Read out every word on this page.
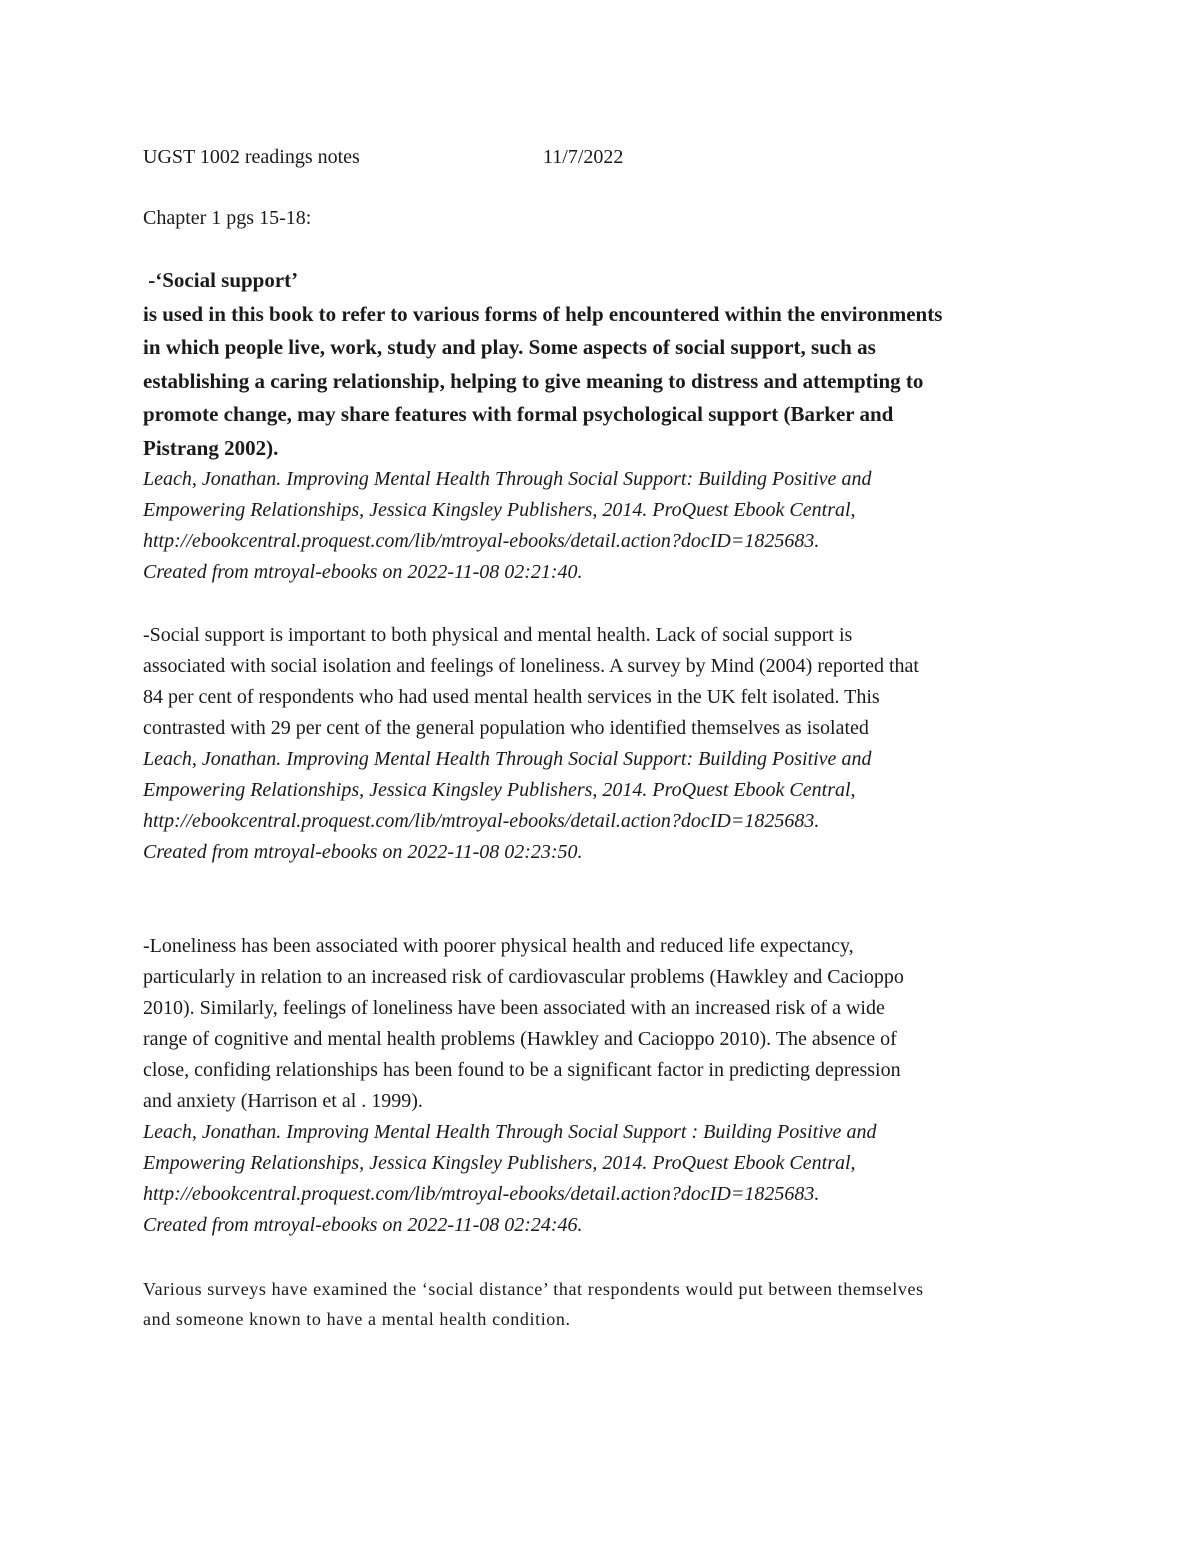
UGST 1002 readings notes	11/7/2022
Chapter 1 pgs 15-18:
-‘Social support’
is used in this book to refer to various forms of help encountered within the environments
in which people live, work, study and play. Some aspects of social support, such as
establishing a caring relationship, helping to give meaning to distress and attempting to
promote change, may share features with formal psychological support (Barker and
Pistrang 2002).
Leach, Jonathan. Improving Mental Health Through Social Support: Building Positive and
Empowering Relationships, Jessica Kingsley Publishers, 2014. ProQuest Ebook Central,
http://ebookcentral.proquest.com/lib/mtroyal-ebooks/detail.action?docID=1825683.
Created from mtroyal-ebooks on 2022-11-08 02:21:40.
-Social support is important to both physical and mental health. Lack of social support is
associated with social isolation and feelings of loneliness. A survey by Mind (2004) reported that
84 per cent of respondents who had used mental health services in the UK felt isolated. This
contrasted with 29 per cent of the general population who identified themselves as isolated
Leach, Jonathan. Improving Mental Health Through Social Support: Building Positive and
Empowering Relationships, Jessica Kingsley Publishers, 2014. ProQuest Ebook Central,
http://ebookcentral.proquest.com/lib/mtroyal-ebooks/detail.action?docID=1825683.
Created from mtroyal-ebooks on 2022-11-08 02:23:50.
-Loneliness has been associated with poorer physical health and reduced life expectancy,
particularly in relation to an increased risk of cardiovascular problems (Hawkley and Cacioppo
2010). Similarly, feelings of loneliness have been associated with an increased risk of a wide
range of cognitive and mental health problems (Hawkley and Cacioppo 2010). The absence of
close, confiding relationships has been found to be a significant factor in predicting depression
and anxiety (Harrison et al . 1999).
Leach, Jonathan. Improving Mental Health Through Social Support : Building Positive and
Empowering Relationships, Jessica Kingsley Publishers, 2014. ProQuest Ebook Central,
http://ebookcentral.proquest.com/lib/mtroyal-ebooks/detail.action?docID=1825683.
Created from mtroyal-ebooks on 2022-11-08 02:24:46.
Various surveys have examined the ‘social distance’ that respondents would put between themselves
and someone known to have a mental health condition.
